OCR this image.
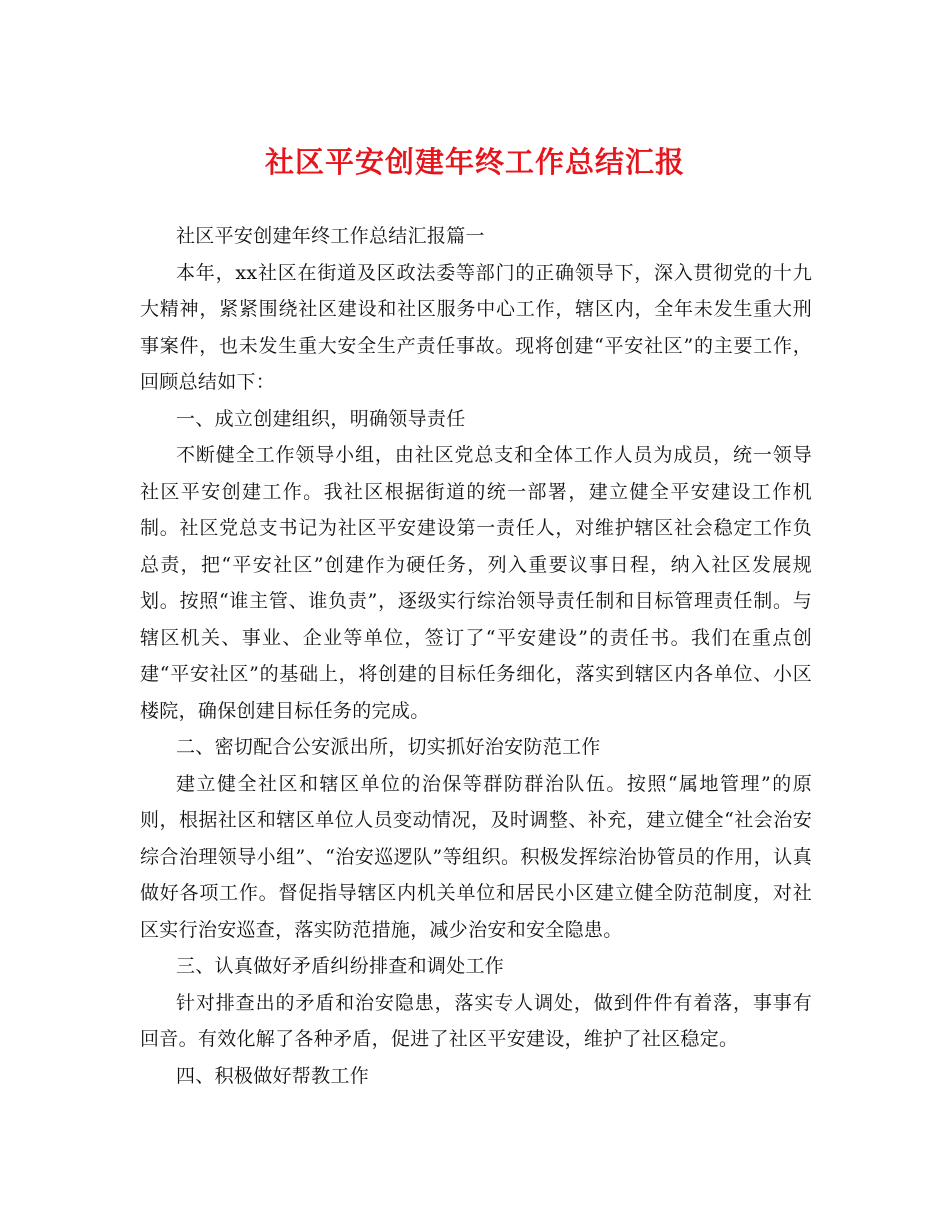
社区平安创建年终工作总结汇报

社区平安创建年终工作总结汇报篇一

本年，xx社区在街道及区政法委等部门的正确领导下，深入贯彻党的十九大精神，紧紧围绕社区建设和社区服务中心工作，辖区内，全年未发生重大刑事案件，也未发生重大安全生产责任事故。现将创建“平安社区”的主要工作，回顾总结如下：

一、成立创建组织，明确领导责任

不断健全工作领导小组，由社区党总支和全体工作人员为成员，统一领导社区平安创建工作。我社区根据街道的统一部署，建立健全平安建设工作机制。社区党总支书记为社区平安建设第一责任人，对维护辖区社会稳定工作负总责，把“平安社区”创建作为硬任务，列入重要议事日程，纳入社区发展规划。按照“谁主管、谁负责”，逐级实行综治领导责任制和目标管理责任制。与辖区机关、事业、企业等单位，签订了“平安建设”的责任书。我们在重点创建“平安社区”的基础上，将创建的目标任务细化，落实到辖区内各单位、小区楼院，确保创建目标任务的完成。

二、密切配合公安派出所，切实抓好治安防范工作

建立健全社区和辖区单位的治保等群防群治队伍。按照“属地管理”的原则，根据社区和辖区单位人员变动情况，及时调整、补充，建立健全“社会治安综合治理领导小组”、“治安巡逻队”等组织。积极发挥综治协管员的作用，认真做好各项工作。督促指导辖区内机关单位和居民小区建立健全防范制度，对社区实行治安巡查，落实防范措施，减少治安和安全隐患。

三、认真做好矛盾纠纷排查和调处工作

针对排查出的矛盾和治安隐患，落实专人调处，做到件件有着落，事事有回音。有效化解了各种矛盾，促进了社区平安建设，维护了社区稳定。

四、积极做好帮教工作
